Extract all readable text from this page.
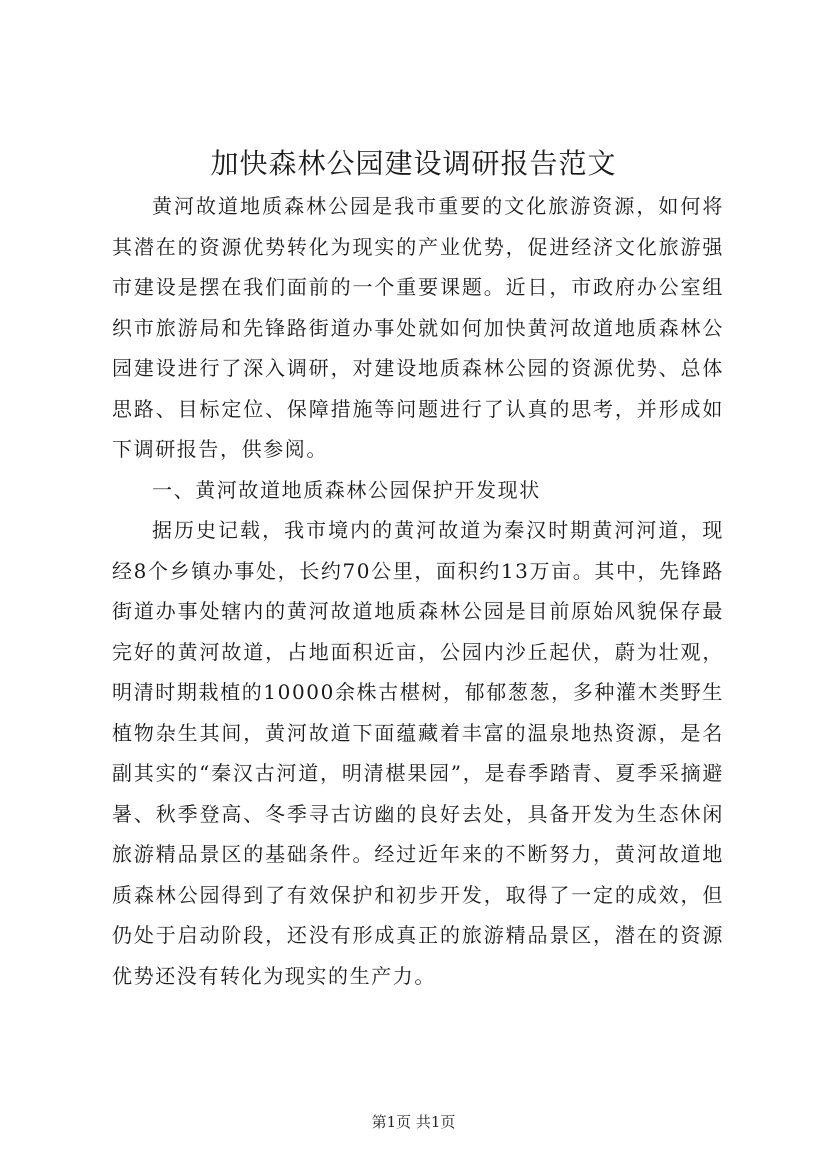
加快森林公园建设调研报告范文

黄河故道地质森林公园是我市重要的文化旅游资源，如何将其潜在的资源优势转化为现实的产业优势，促进经济文化旅游强市建设是摆在我们面前的一个重要课题。近日，市政府办公室组织市旅游局和先锋路街道办事处就如何加快黄河故道地质森林公园建设进行了深入调研，对建设地质森林公园的资源优势、总体思路、目标定位、保障措施等问题进行了认真的思考，并形成如下调研报告，供参阅。

一、黄河故道地质森林公园保护开发现状

据历史记载，我市境内的黄河故道为秦汉时期黄河河道，现经8个乡镇办事处，长约70公里，面积约13万亩。其中，先锋路街道办事处辖内的黄河故道地质森林公园是目前原始风貌保存最完好的黄河故道，占地面积近亩，公园内沙丘起伏，蔚为壮观，明清时期栽植的10000余株古椹树，郁郁葱葱，多种灌木类野生植物杂生其间，黄河故道下面蕴藏着丰富的温泉地热资源，是名副其实的“秦汉古河道，明清椹果园”，是春季踏青、夏季采摘避暑、秋季登高、冬季寻古访幽的良好去处，具备开发为生态休闲旅游精品景区的基础条件。经过近年来的不断努力，黄河故道地质森林公园得到了有效保护和初步开发，取得了一定的成效，但仍处于启动阶段，还没有形成真正的旅游精品景区，潜在的资源优势还没有转化为现实的生产力。

第1页 共1页
